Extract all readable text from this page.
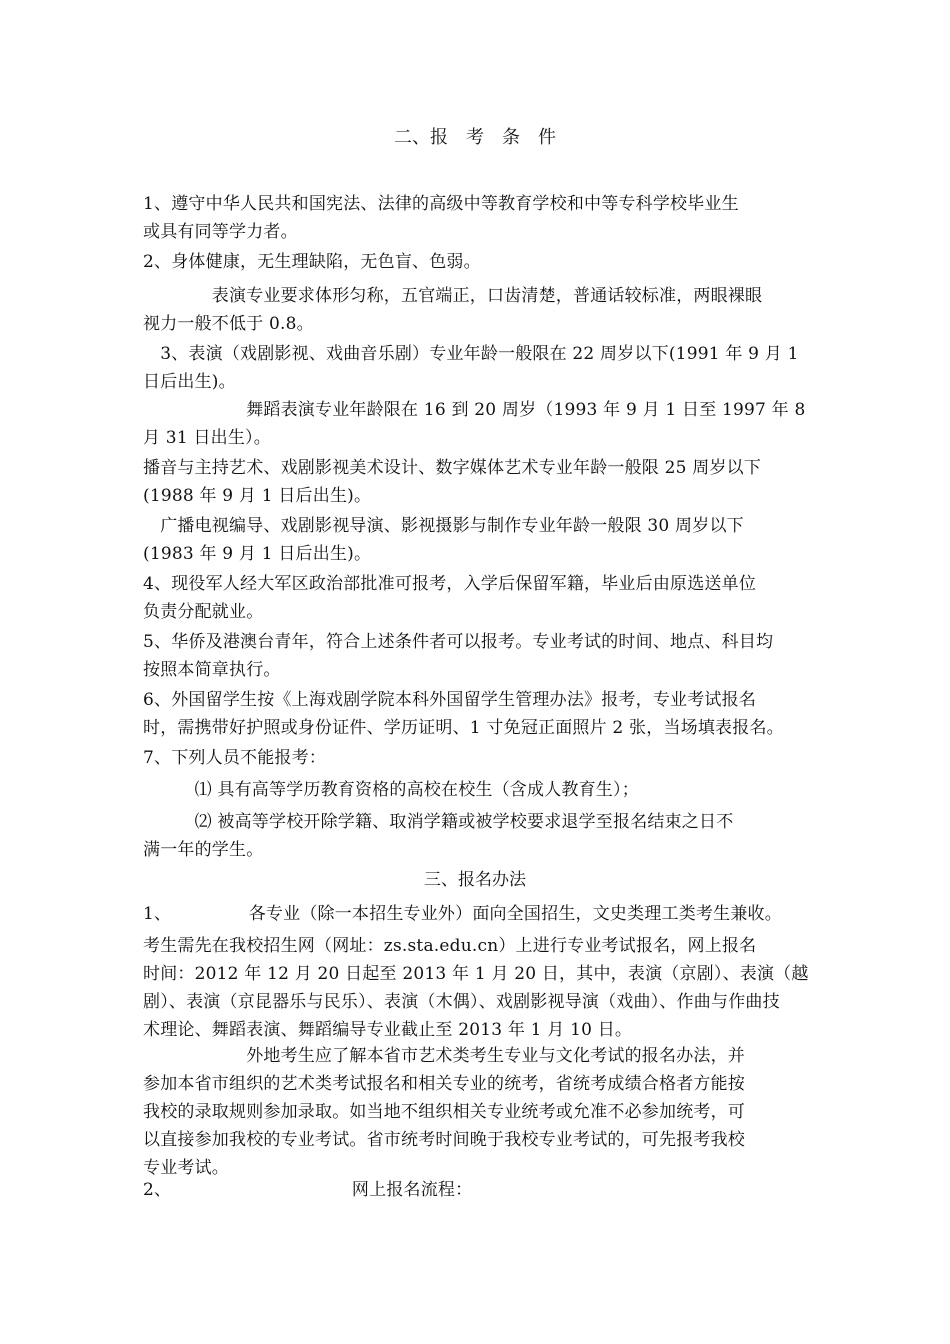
二、报　考　条　件

1、遵守中华人民共和国宪法、法律的高级中等教育学校和中等专科学校毕业生
或具有同等学力者。

2、身体健康，无生理缺陷，无色盲、色弱。

　　　　表演专业要求体形匀称，五官端正，口齿清楚，普通话较标准，两眼裸眼
视力一般不低于 0.8。

　3、表演（戏剧影视、戏曲音乐剧）专业年龄一般限在 22 周岁以下(1991 年 9 月 1
日后出生)。

　　　　　　舞蹈表演专业年龄限在 16 到 20 周岁（1993 年 9 月 1 日至 1997 年 8
月 31 日出生）。

播音与主持艺术、戏剧影视美术设计、数字媒体艺术专业年龄一般限 25 周岁以下
(1988 年 9 月 1 日后出生)。

　广播电视编导、戏剧影视导演、影视摄影与制作专业年龄一般限 30 周岁以下
(1983 年 9 月 1 日后出生)。

4、现役军人经大军区政治部批准可报考，入学后保留军籍，毕业后由原选送单位
负责分配就业。

5、华侨及港澳台青年，符合上述条件者可以报考。专业考试的时间、地点、科目均
按照本简章执行。

6、外国留学生按《上海戏剧学院本科外国留学生管理办法》报考，专业考试报名
时，需携带好护照或身份证件、学历证明、1 寸免冠正面照片 2 张，当场填表报名。

7、下列人员不能报考：

　　　⑴ 具有高等学历教育资格的高校在校生（含成人教育生）；

　　　⑵ 被高等学校开除学籍、取消学籍或被学校要求退学至报名结束之日不
满一年的学生。

三、报名办法

1、　　　　　各专业（除一本招生专业外）面向全国招生，文史类理工类考生兼收。

考生需先在我校招生网（网址：zs.sta.edu.cn）上进行专业考试报名，网上报名
时间：2012 年 12 月 20 日起至 2013 年 1 月 20 日，其中，表演（京剧）、表演（越
剧）、表演（京昆器乐与民乐）、表演（木偶）、戏剧影视导演（戏曲）、作曲与作曲技
术理论、舞蹈表演、舞蹈编导专业截止至 2013 年 1 月 10 日。

　　　　　　外地考生应了解本省市艺术类考生专业与文化考试的报名办法，并
参加本省市组织的艺术类考试报名和相关专业的统考，省统考成绩合格者方能按
我校的录取规则参加录取。如当地不组织相关专业统考或允准不必参加统考，可
以直接参加我校的专业考试。省市统考时间晚于我校专业考试的，可先报考我校
专业考试。

2、　　　　　　　　　　　网上报名流程：
